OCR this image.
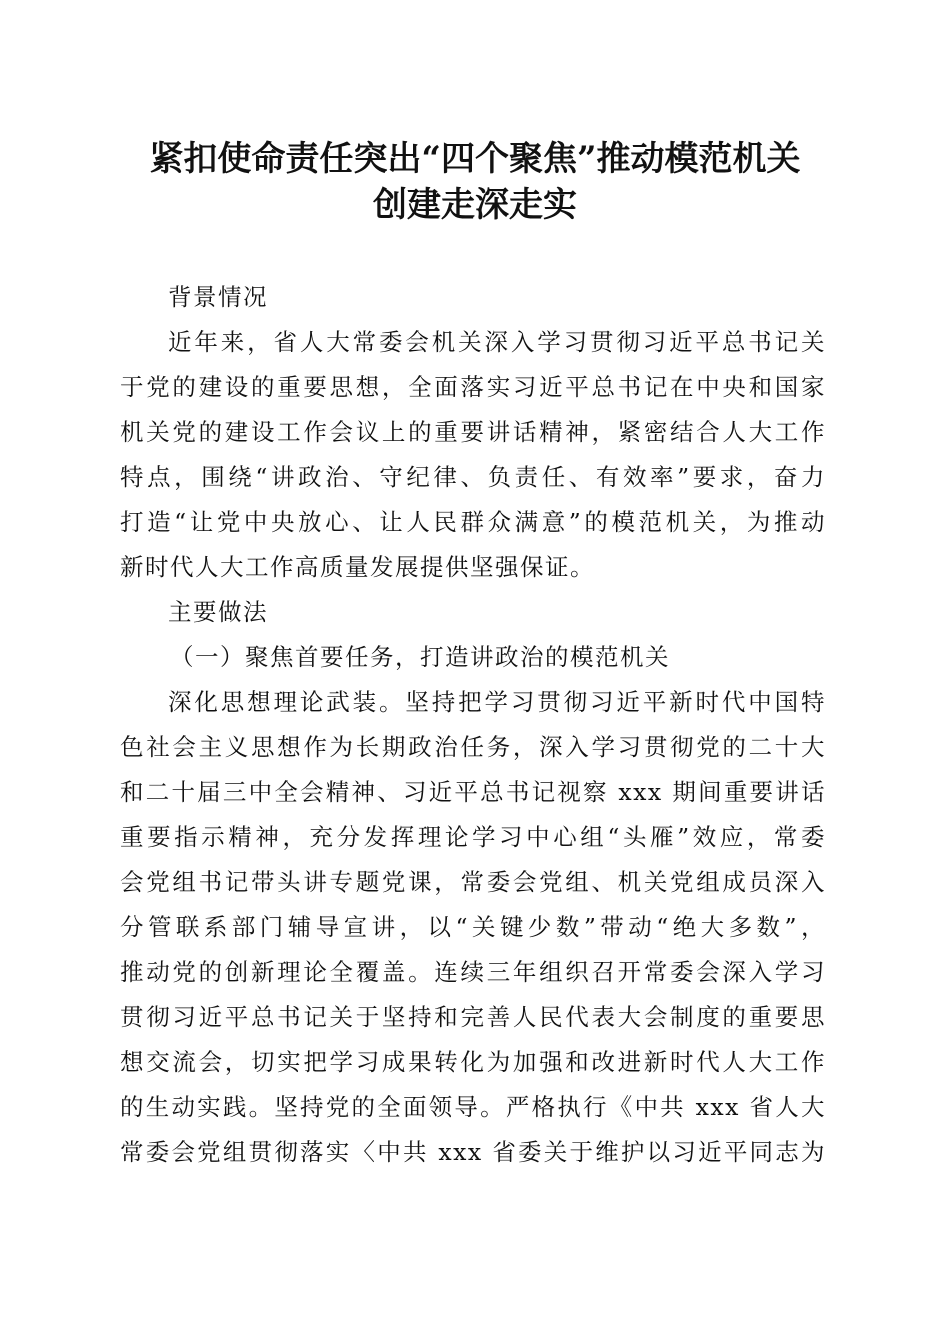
紧扣使命责任突出“四个聚焦”推动模范机关
创建走深走实
背景情况
近年来，省人大常委会机关深入学习贯彻习近平总书记关
于党的建设的重要思想，全面落实习近平总书记在中央和国家
机关党的建设工作会议上的重要讲话精神，紧密结合人大工作
特点，围绕“讲政治、守纪律、负责任、有效率”要求，奋力
打造“让党中央放心、让人民群众满意”的模范机关，为推动
新时代人大工作高质量发展提供坚强保证。
主要做法
（一）聚焦首要任务，打造讲政治的模范机关
深化思想理论武装。坚持把学习贯彻习近平新时代中国特
色社会主义思想作为长期政治任务，深入学习贯彻党的二十大
和二十届三中全会精神、习近平总书记视察 xxx 期间重要讲话
重要指示精神，充分发挥理论学习中心组“头雁”效应，常委
会党组书记带头讲专题党课，常委会党组、机关党组成员深入
分管联系部门辅导宣讲，以“关键少数”带动“绝大多数”，
推动党的创新理论全覆盖。连续三年组织召开常委会深入学习
贯彻习近平总书记关于坚持和完善人民代表大会制度的重要思
想交流会，切实把学习成果转化为加强和改进新时代人大工作
的生动实践。坚持党的全面领导。严格执行《中共 xxx 省人大
常委会党组贯彻落实〈中共 xxx 省委关于维护以习近平同志为
